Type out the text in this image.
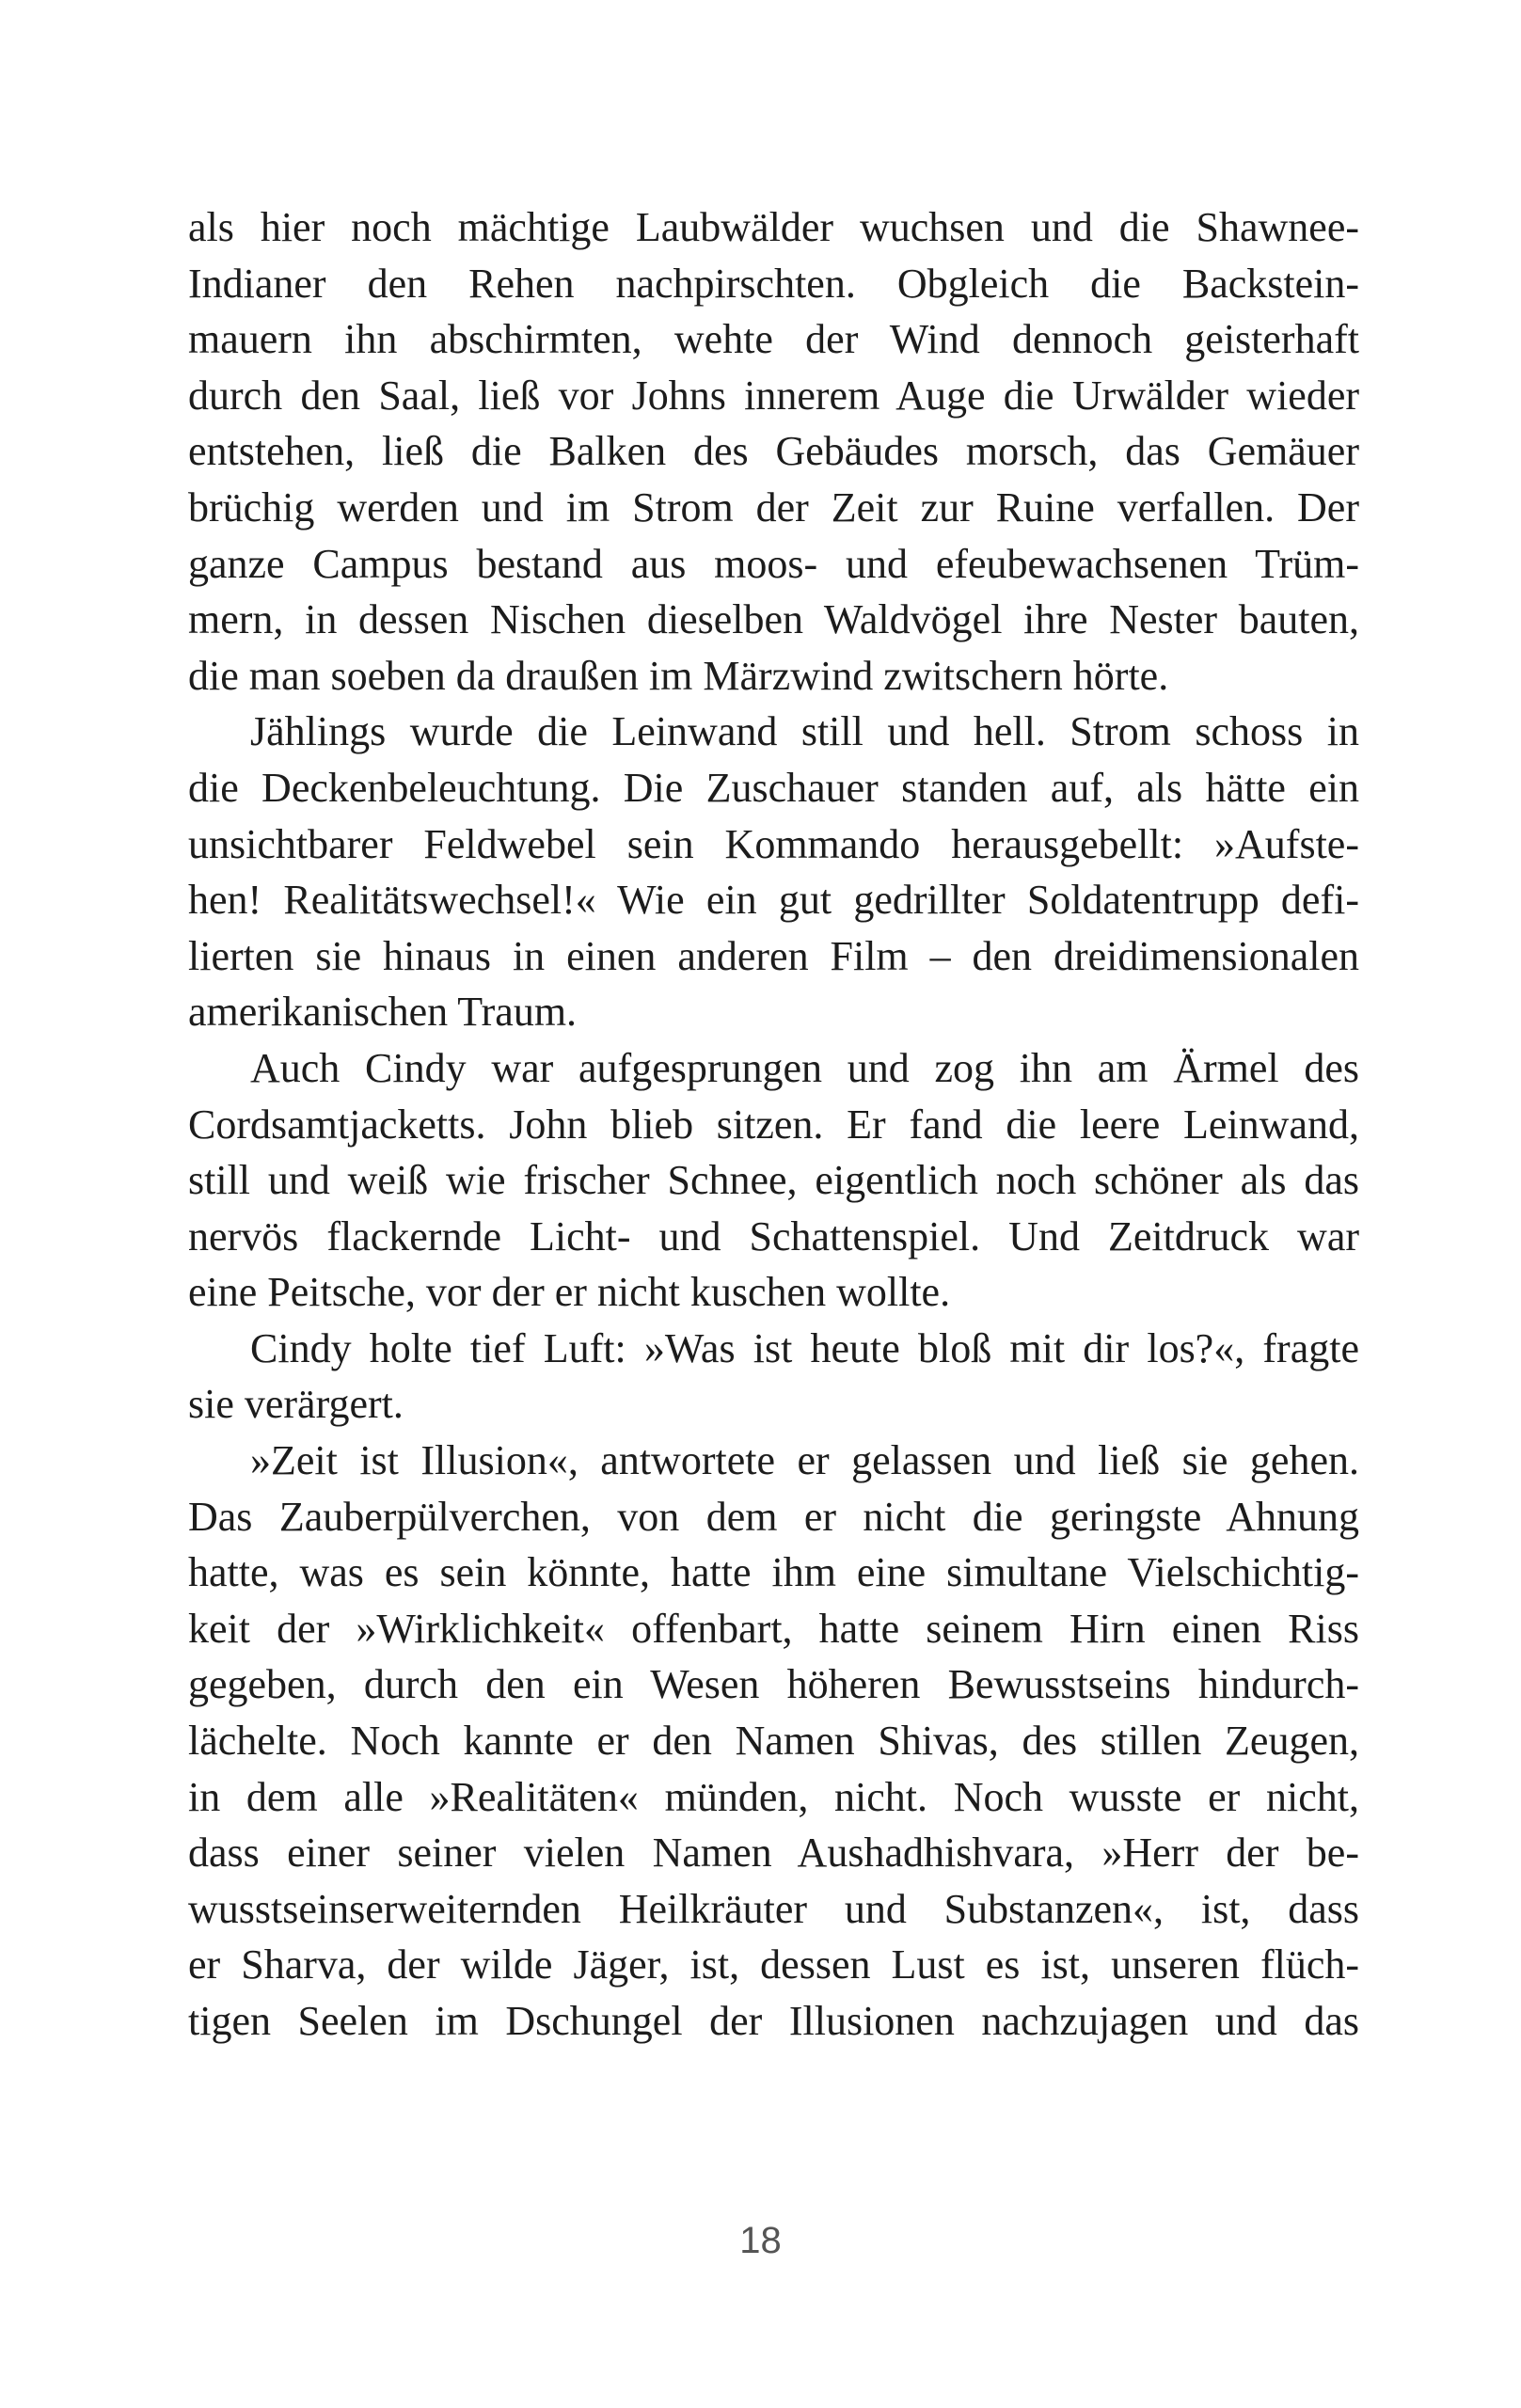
als hier noch mächtige Laubwälder wuchsen und die Shawnee-
Indianer den Rehen nachpirschten. Obgleich die Backstein-
mauern ihn abschirmten, wehte der Wind dennoch geisterhaft
durch den Saal, ließ vor Johns innerem Auge die Urwälder wieder
entstehen, ließ die Balken des Gebäudes morsch, das Gemäuer
brüchig werden und im Strom der Zeit zur Ruine verfallen. Der
ganze Campus bestand aus moos- und efeubewachsenen Trüm-
mern, in dessen Nischen dieselben Waldvögel ihre Nester bauten,
die man soeben da draußen im Märzwind zwitschern hörte.
Jählings wurde die Leinwand still und hell. Strom schoss in
die Deckenbeleuchtung. Die Zuschauer standen auf, als hätte ein
unsichtbarer Feldwebel sein Kommando herausgebellt: »Aufste-
hen! Realitätswechsel!« Wie ein gut gedrillter Soldatentrupp defi-
lierten sie hinaus in einen anderen Film – den dreidimensionalen
amerikanischen Traum.
Auch Cindy war aufgesprungen und zog ihn am Ärmel des
Cordsamtjacketts. John blieb sitzen. Er fand die leere Leinwand,
still und weiß wie frischer Schnee, eigentlich noch schöner als das
nervös flackernde Licht- und Schattenspiel. Und Zeitdruck war
eine Peitsche, vor der er nicht kuschen wollte.
Cindy holte tief Luft: »Was ist heute bloß mit dir los?«, fragte
sie verärgert.
»Zeit ist Illusion«, antwortete er gelassen und ließ sie gehen.
Das Zauberpülverchen, von dem er nicht die geringste Ahnung
hatte, was es sein könnte, hatte ihm eine simultane Vielschichtig-
keit der »Wirklichkeit« offenbart, hatte seinem Hirn einen Riss
gegeben, durch den ein Wesen höheren Bewusstseins hindurch-
lächelte. Noch kannte er den Namen Shivas, des stillen Zeugen,
in dem alle »Realitäten« münden, nicht. Noch wusste er nicht,
dass einer seiner vielen Namen Aushadhishvara, »Herr der be-
wusstseinserweiternden Heilkräuter und Substanzen«, ist, dass
er Sharva, der wilde Jäger, ist, dessen Lust es ist, unseren flüch-
tigen Seelen im Dschungel der Illusionen nachzujagen und das
18
